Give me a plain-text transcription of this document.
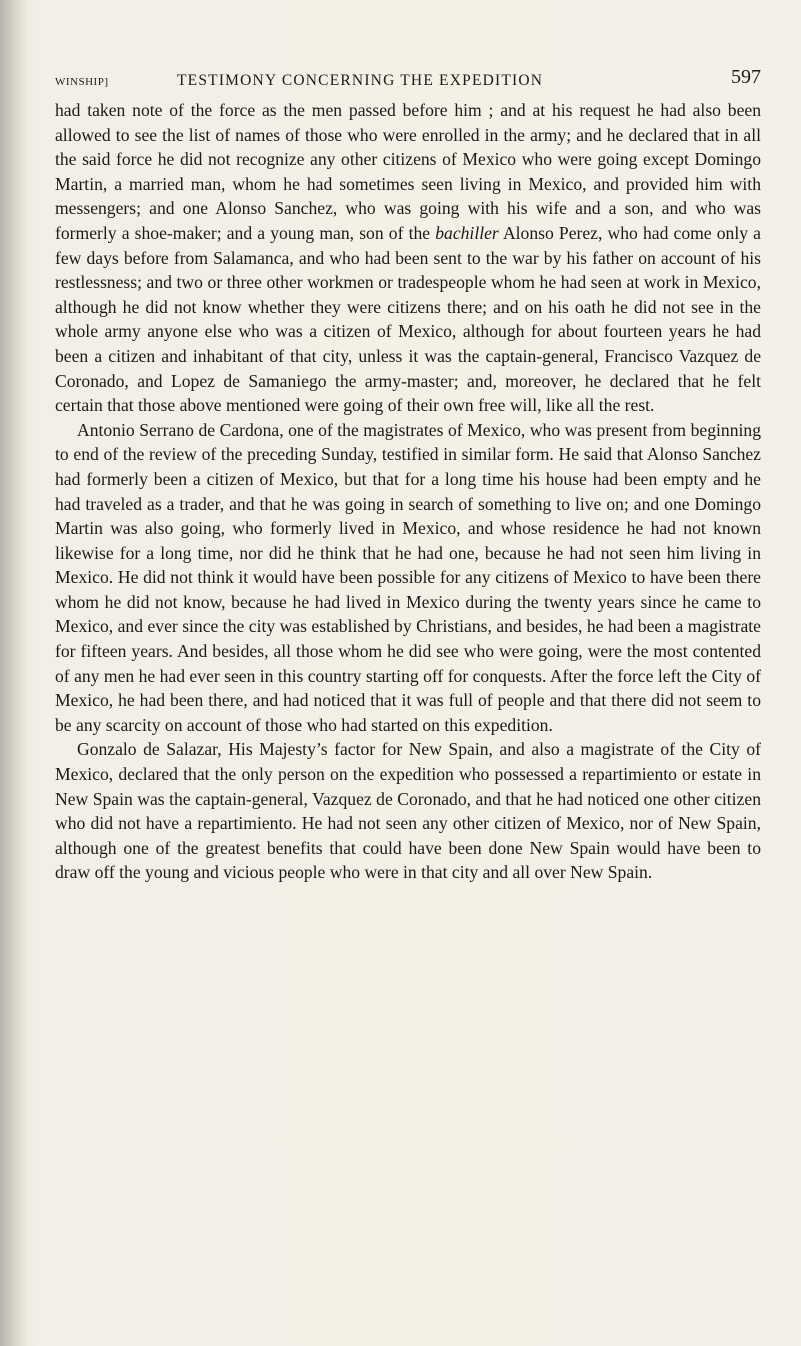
WINSHIP]	TESTIMONY CONCERNING THE EXPEDITION	597

had taken note of the force as the men passed before him ; and at his request he had also been allowed to see the list of names of those who were enrolled in the army; and he declared that in all the said force he did not recognize any other citizens of Mexico who were going except Domingo Martin, a married man, whom he had sometimes seen living in Mexico, and provided him with messengers; and one Alonso Sanchez, who was going with his wife and a son, and who was formerly a shoe-maker; and a young man, son of the bachiller Alonso Perez, who had come only a few days before from Salamanca, and who had been sent to the war by his father on account of his restlessness; and two or three other workmen or tradespeople whom he had seen at work in Mexico, although he did not know whether they were citizens there; and on his oath he did not see in the whole army anyone else who was a citizen of Mexico, although for about fourteen years he had been a citizen and inhabitant of that city, unless it was the captain-general, Francisco Vazquez de Coronado, and Lopez de Samaniego the army-master; and, moreover, he declared that he felt certain that those above mentioned were going of their own free will, like all the rest.

Antonio Serrano de Cardona, one of the magistrates of Mexico, who was present from beginning to end of the review of the preceding Sunday, testified in similar form. He said that Alonso Sanchez had formerly been a citizen of Mexico, but that for a long time his house had been empty and he had traveled as a trader, and that he was going in search of something to live on; and one Domingo Martin was also going, who formerly lived in Mexico, and whose residence he had not known likewise for a long time, nor did he think that he had one, because he had not seen him living in Mexico. He did not think it would have been possible for any citizens of Mexico to have been there whom he did not know, because he had lived in Mexico during the twenty years since he came to Mexico, and ever since the city was established by Christians, and besides, he had been a magistrate for fifteen years. And besides, all those whom he did see who were going, were the most contented of any men he had ever seen in this country starting off for conquests. After the force left the City of Mexico, he had been there, and had noticed that it was full of people and that there did not seem to be any scarcity on account of those who had started on this expedition.

Gonzalo de Salazar, His Majesty’s factor for New Spain, and also a magistrate of the City of Mexico, declared that the only person on the expedition who possessed a repartimiento or estate in New Spain was the captain-general, Vazquez de Coronado, and that he had noticed one other citizen who did not have a repartimiento. He had not seen any other citizen of Mexico, nor of New Spain, although one of the greatest benefits that could have been done New Spain would have been to draw off the young and vicious people who were in that city and all over New Spain.
